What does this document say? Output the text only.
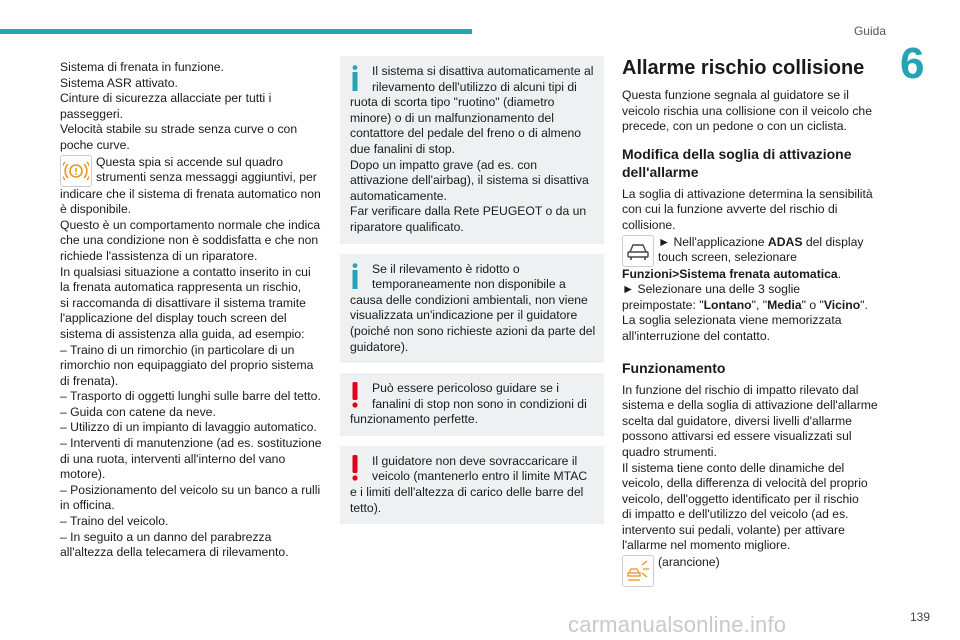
Guida
6
Sistema di frenata in funzione.
Sistema ASR attivato.
Cinture di sicurezza allacciate per tutti i
passeggeri.
Velocità stabile su strade senza curve o con
poche curve.
Questa spia si accende sul quadro
strumenti senza messaggi aggiuntivi, per
indicare che il sistema di frenata automatico non
è disponibile.
Questo è un comportamento normale che indica
che una condizione non è soddisfatta e che non
richiede l'assistenza di un riparatore.
In qualsiasi situazione a contatto inserito in cui
la frenata automatica rappresenta un rischio,
si raccomanda di disattivare il sistema tramite
l'applicazione del display touch screen del
sistema di assistenza alla guida, ad esempio:
– Traino di un rimorchio (in particolare di un
rimorchio non equipaggiato del proprio sistema
di frenata).
– Trasporto di oggetti lunghi sulle barre del tetto.
– Guida con catene da neve.
– Utilizzo di un impianto di lavaggio automatico.
– Interventi di manutenzione (ad es. sostituzione
di una ruota, interventi all'interno del vano
motore).
– Posizionamento del veicolo su un banco a rulli
in officina.
– Traino del veicolo.
– In seguito a un danno del parabrezza
all'altezza della telecamera di rilevamento.
Il sistema si disattiva automaticamente al
rilevamento dell'utilizzo di alcuni tipi di
ruota di scorta tipo "ruotino" (diametro
minore) o di un malfunzionamento del
contattore del pedale del freno o di almeno
due fanalini di stop.
Dopo un impatto grave (ad es. con
attivazione dell'airbag), il sistema si disattiva
automaticamente.
Far verificare dalla Rete PEUGEOT o da un
riparatore qualificato.
Se il rilevamento è ridotto o
temporaneamente non disponibile a
causa delle condizioni ambientali, non viene
visualizzata un'indicazione per il guidatore
(poiché non sono richieste azioni da parte del
guidatore).
Può essere pericoloso guidare se i
fanalini di stop non sono in condizioni di
funzionamento perfette.
Il guidatore non deve sovraccaricare il
veicolo (mantenerlo entro il limite MTAC
e i limiti dell'altezza di carico delle barre del
tetto).
Allarme rischio collisione
Questa funzione segnala al guidatore se il
veicolo rischia una collisione con il veicolo che
precede, con un pedone o con un ciclista.
Modifica della soglia di attivazione
dell'allarme
La soglia di attivazione determina la sensibilità
con cui la funzione avverte del rischio di
collisione.
► Nell'applicazione ADAS del display
touch screen, selezionare
Funzioni>Sistema frenata automatica.
► Selezionare una delle 3 soglie
preimpostate: "Lontano", "Media" o "Vicino".
La soglia selezionata viene memorizzata
all'interruzione del contatto.
Funzionamento
In funzione del rischio di impatto rilevato dal
sistema e della soglia di attivazione dell'allarme
scelta dal guidatore, diversi livelli d'allarme
possono attivarsi ed essere visualizzati sul
quadro strumenti.
Il sistema tiene conto delle dinamiche del
veicolo, della differenza di velocità del proprio
veicolo, dell'oggetto identificato per il rischio
di impatto e dell'utilizzo del veicolo (ad es.
intervento sui pedali, volante) per attivare
l'allarme nel momento migliore.
(arancione)
139
carmanualsonline.info
